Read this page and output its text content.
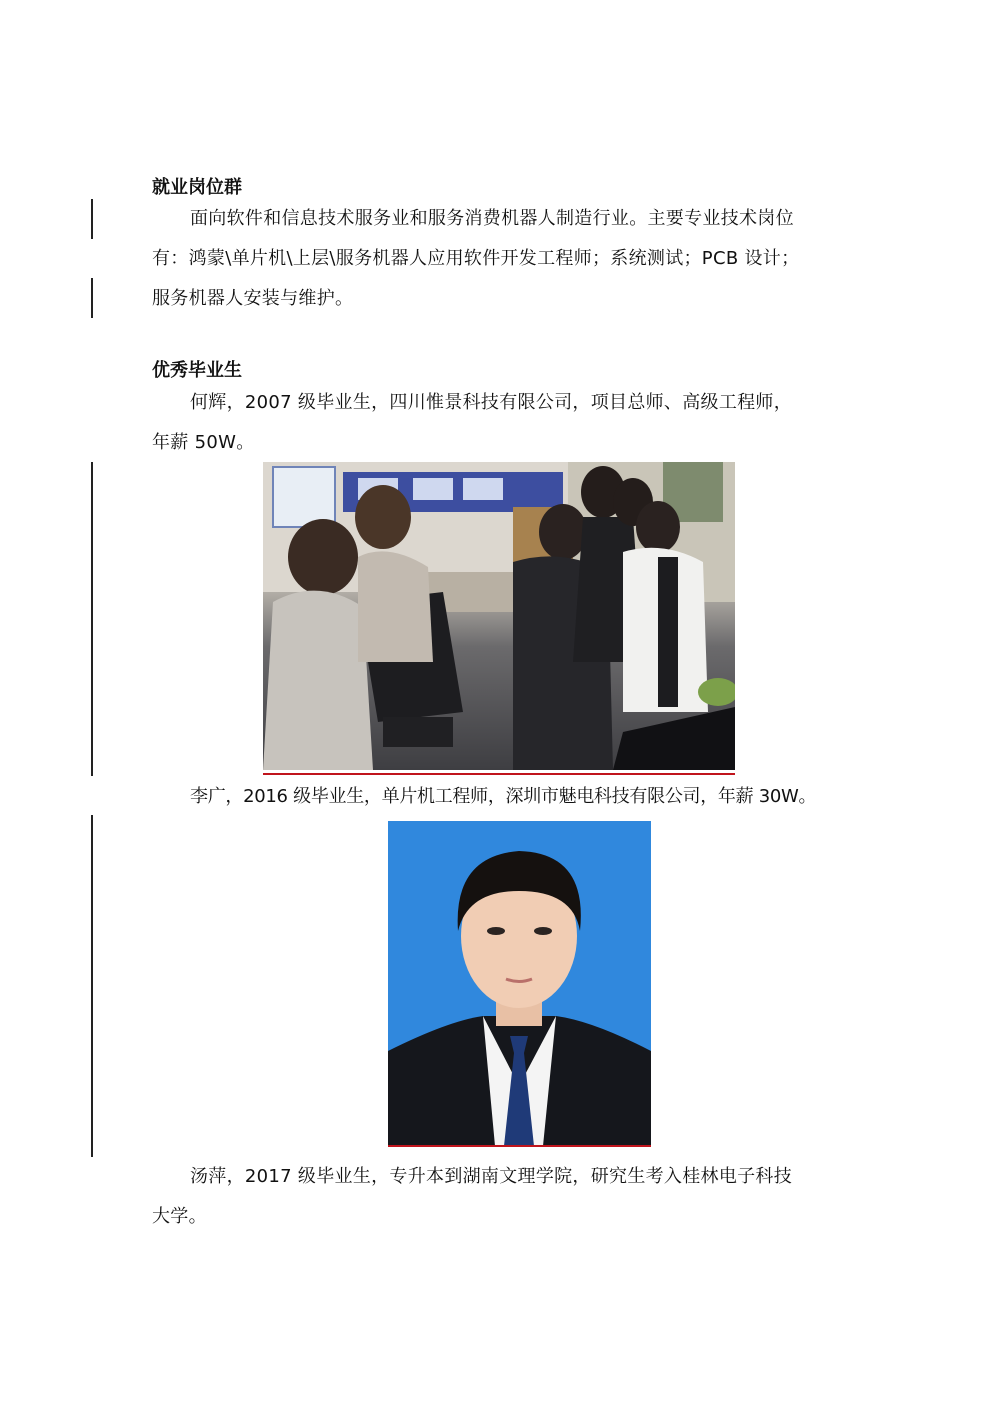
就业岗位群
面向软件和信息技术服务业和服务消费机器人制造行业。主要专业技术岗位
有：鸿蒙\单片机\上层\服务机器人应用软件开发工程师；系统测试；PCB 设计；
服务机器人安装与维护。
优秀毕业生
何辉，2007 级毕业生，四川惟景科技有限公司，项目总师、高级工程师，
年薪 50W。
李广，2016 级毕业生，单片机工程师，深圳市魅电科技有限公司，年薪 30W。
汤萍，2017 级毕业生，专升本到湖南文理学院，研究生考入桂林电子科技
大学。
